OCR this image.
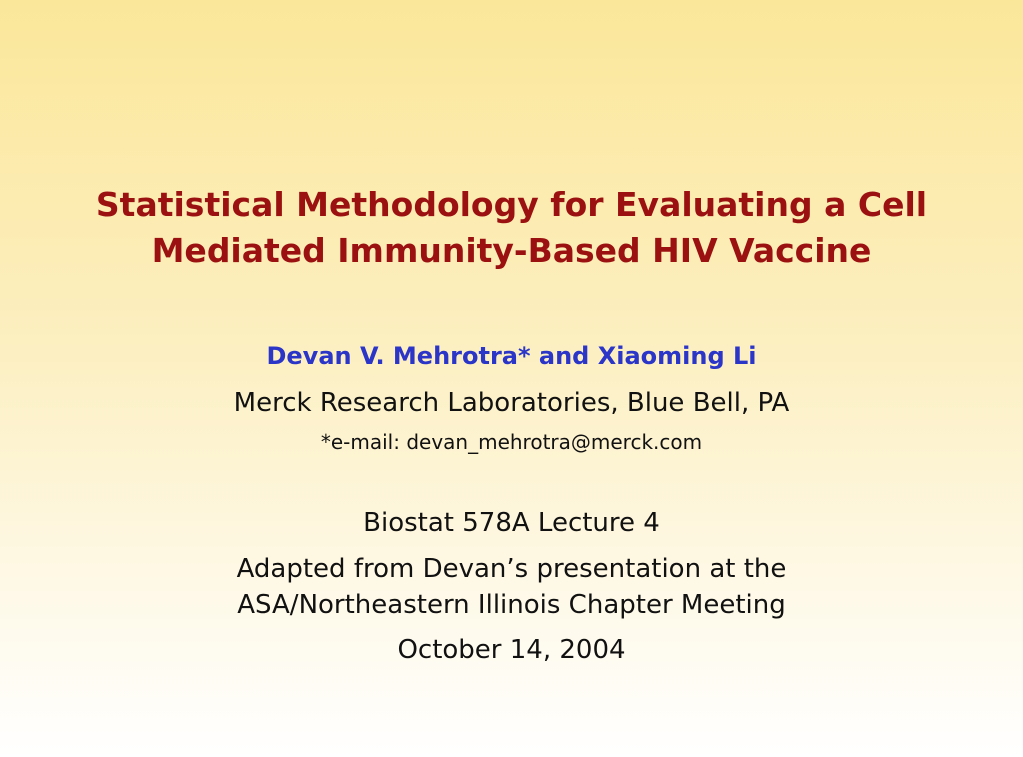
Statistical Methodology for Evaluating a Cell
Mediated Immunity-Based HIV Vaccine
Devan V. Mehrotra* and Xiaoming Li
Merck Research Laboratories, Blue Bell, PA
*e-mail: devan_mehrotra@merck.com
Biostat 578A Lecture 4
Adapted from Devan’s presentation at the
ASA/Northeastern Illinois Chapter Meeting
October 14, 2004
